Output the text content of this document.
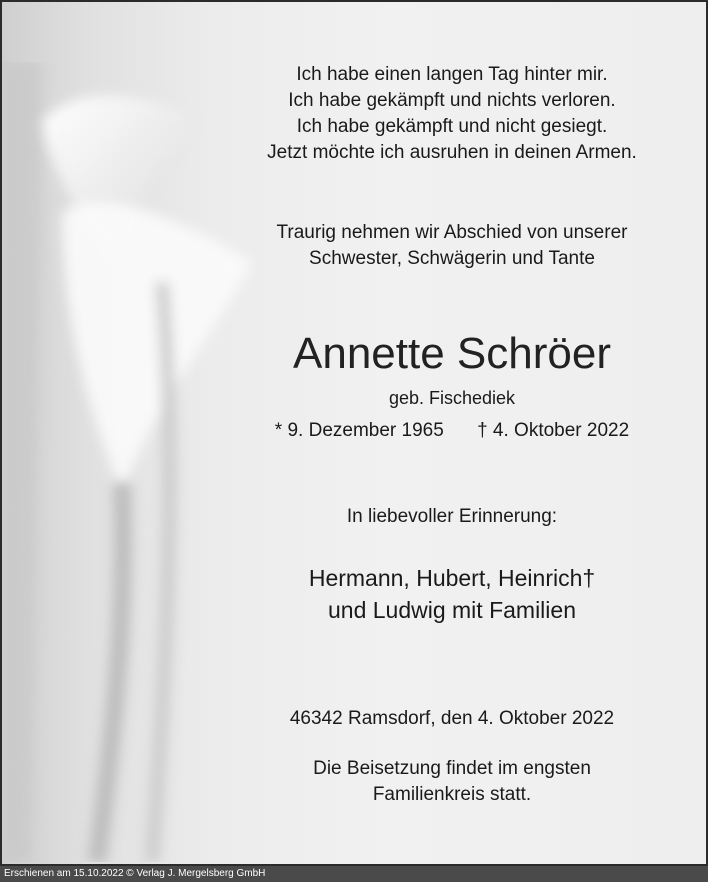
Ich habe einen langen Tag hinter mir.
Ich habe gekämpft und nichts verloren.
Ich habe gekämpft und nicht gesiegt.
Jetzt möchte ich ausruhen in deinen Armen.
Traurig nehmen wir Abschied von unserer
Schwester, Schwägerin und Tante
Annette Schröer
geb. Fischediek
* 9. Dezember 1965 † 4. Oktober 2022
In liebevoller Erinnerung:
Hermann, Hubert, Heinrich†
und Ludwig mit Familien
46342 Ramsdorf, den 4. Oktober 2022
Die Beisetzung findet im engsten
Familienkreis statt.
Erschienen am 15.10.2022 © Verlag J. Mergelsberg GmbH
